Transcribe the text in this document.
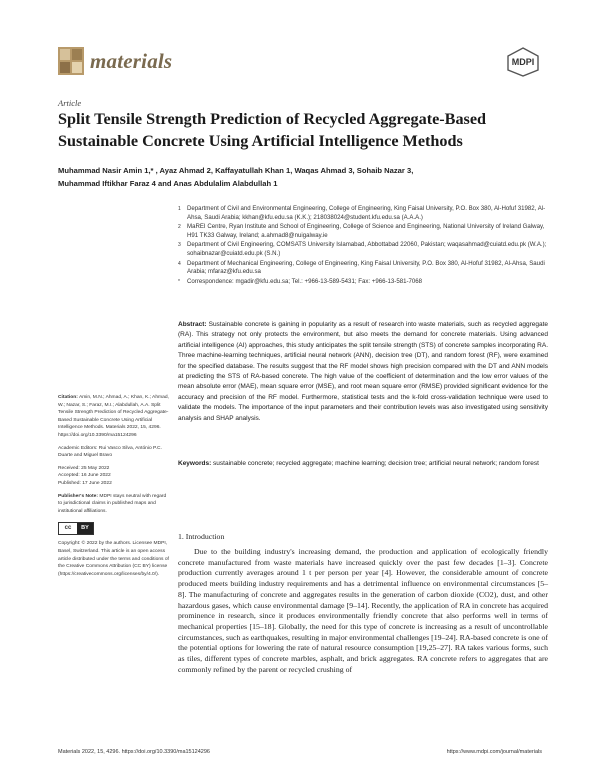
materials	MDPI
Article
Split Tensile Strength Prediction of Recycled Aggregate-Based Sustainable Concrete Using Artificial Intelligence Methods
Muhammad Nasir Amin 1,* , Ayaz Ahmad 2, Kaffayatullah Khan 1, Waqas Ahmad 3, Sohaib Nazar 3,
Muhammad Iftikhar Faraz 4 and Anas Abdulalim Alabdullah 1
1	Department of Civil and Environmental Engineering, College of Engineering, King Faisal University, P.O. Box 380, Al-Hofuf 31982, Al-Ahsa, Saudi Arabia; kkhan@kfu.edu.sa (K.K.); 218038024@student.kfu.edu.sa (A.A.A.)
2	MaREI Centre, Ryan Institute and School of Engineering, College of Science and Engineering, National University of Ireland Galway, H91 TK33 Galway, Ireland; a.ahmad8@nuigalway.ie
3	Department of Civil Engineering, COMSATS University Islamabad, Abbottabad 22060, Pakistan; waqasahmad@cuiatd.edu.pk (W.A.); sohaibnazar@cuiatd.edu.pk (S.N.)
4	Department of Mechanical Engineering, College of Engineering, King Faisal University, P.O. Box 380, Al-Hofuf 31982, Al-Ahsa, Saudi Arabia; mfaraz@kfu.edu.sa
*	Correspondence: mgadir@kfu.edu.sa; Tel.: +966-13-589-5431; Fax: +966-13-581-7068
Abstract: Sustainable concrete is gaining in popularity as a result of research into waste materials, such as recycled aggregate (RA). This strategy not only protects the environment, but also meets the demand for concrete materials. Using advanced artificial intelligence (AI) approaches, this study anticipates the split tensile strength (STS) of concrete samples incorporating RA. Three machine-learning techniques, artificial neural network (ANN), decision tree (DT), and random forest (RF), were examined for the specified database. The results suggest that the RF model shows high precision compared with the DT and ANN models at predicting the STS of RA-based concrete. The high value of the coefficient of determination and the low error values of the mean absolute error (MAE), mean square error (MSE), and root mean square error (RMSE) provided significant evidence for the accuracy and precision of the RF model. Furthermore, statistical tests and the k-fold cross-validation technique were used to validate the models. The importance of the input parameters and their contribution levels was also investigated using sensitivity analysis and SHAP analysis.
Keywords: sustainable concrete; recycled aggregate; machine learning; decision tree; artificial neural network; random forest

Citation: Amin, M.N.; Ahmad, A.; Khan, K.; Ahmad, W.; Nazar, S.; Faraz, M.I.; Alabdullah, A.A. Split Tensile Strength Prediction of Recycled Aggregate-Based Sustainable Concrete Using Artificial Intelligence Methods. Materials 2022, 15, 4296. https://doi.org/10.3390/ma15124296

Academic Editors: Rui Vasco Silva, António P.C. Duarte and Miguel Bravo

Received: 25 May 2022
Accepted: 16 June 2022
Published: 17 June 2022

Publisher's Note: MDPI stays neutral with regard to jurisdictional claims in published maps and institutional affiliations.

cc	BY

Copyright: © 2022 by the authors. Licensee MDPI, Basel, Switzerland. This article is an open access article distributed under the terms and conditions of the Creative Commons Attribution (CC BY) license (https://creativecommons.org/licenses/by/4.0/).

1. Introduction

Due to the building industry's increasing demand, the production and application of ecologically friendly concrete manufactured from waste materials have increased quickly over the past few decades [1–3]. Concrete production currently averages around 1 t per person per year [4]. However, the considerable amount of concrete produced meets building industry requirements and has a detrimental influence on environmental circumstances [5–8]. The manufacturing of concrete and aggregates results in the generation of carbon dioxide (CO2), dust, and other hazardous gases, which cause environmental damage [9–14]. Recently, the application of RA in concrete has acquired prominence in research, since it produces environmentally friendly concrete that also performs well in terms of mechanical properties [15–18]. Globally, the need for this type of concrete is increasing as a result of uncontrollable circumstances, such as earthquakes, resulting in major environmental challenges [19–24]. RA-based concrete is one of the potential options for lowering the rate of natural resource consumption [19,25–27]. RA takes various forms, such as tiles, different types of concrete marbles, asphalt, and brick aggregates. RA concrete refers to aggregates that are commonly refined by the parent or recycled crushing of

Materials 2022, 15, 4296. https://doi.org/10.3390/ma15124296	https://www.mdpi.com/journal/materials
